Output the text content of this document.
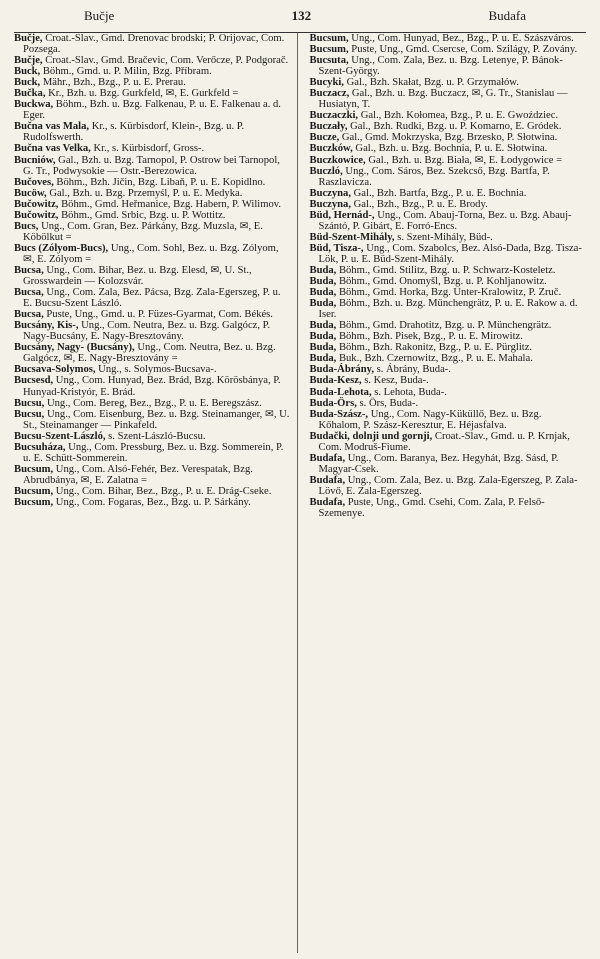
Bučje	132	Budafa

Bučje, Croat.-Slav., Gmd. Drenovac brodski; P. Orijovac, Com. Pozsega.

Bučje, Croat.-Slav., Gmd. Bračevic, Com. Verőcze, P. Podgorač.

Buck, Böhm., Gmd. u. P. Milin, Bzg. Příbram.

Buck, Mähr., Bzh., Bzg., P. u. E. Prerau.

Bučka, Kr., Bzh. u. Bzg. Gurkfeld, ✉, E. Gurkfeld =

Buckwa, Böhm., Bzh. u. Bzg. Falkenau, P. u. E. Falkenau a. d. Eger.

Bučna vas Mala, Kr., s. Kürbisdorf, Klein-, Bzg. u. P. Rudolfswerth.

Bučna vas Velka, Kr., s. Kürbisdorf, Gross-.

Bucniów, Gal., Bzh. u. Bzg. Tarnopol, P. Ostrow bei Tarnopol, G. Tr., Podwysokie — Ostr.-Berezowica.

Bučoves, Böhm., Bzh. Jičin, Bzg. Libaň, P. u. E. Kopidlno.

Bucöw, Gal., Bzh. u. Bzg. Przemyśl, P. u. E. Medyka.

Bučowitz, Böhm., Gmd. Heřmanice, Bzg. Habern, P. Wilimov.

Bučowitz, Böhm., Gmd. Srbic, Bzg. u. P. Wottitz.

Bucs, Ung., Com. Gran, Bez. Párkány, Bzg. Muzsla, ✉, E. Köbölkut =

Bucs (Zólyom-Bucs), Ung., Com. Sohl, Bez. u. Bzg. Zólyom, ✉, E. Zólyom =

Bucsa, Ung., Com. Bihar, Bez. u. Bzg. Elesd, ✉, U. St., Grosswardein — Kolozsvár.

Bucsa, Ung., Com. Zala, Bez. Pácsa, Bzg. Zala-Egerszeg, P. u. E. Bucsu-Szent László.

Bucsa, Puste, Ung., Gmd. u. P. Füzes-Gyarmat, Com. Békés.

Bucsány, Kis-, Ung., Com. Neutra, Bez. u. Bzg. Galgócz, P. Nagy-Bucsány, E. Nagy-Bresztovány.

Bucsány, Nagy- (Bucsány), Ung., Com. Neutra, Bez. u. Bzg. Galgócz, ✉, E. Nagy-Bresztovány =

Bucsava-Solymos, Ung., s. Solymos-Bucsava-.

Bucsesd, Ung., Com. Hunyad, Bez. Brád, Bzg. Körösbánya, P. Hunyad-Kristyór, E. Brád.

Bucsu, Ung., Com. Bereg, Bez., Bzg., P. u. E. Beregszász.

Bucsu, Ung., Com. Eisenburg, Bez. u. Bzg. Steinamanger, ✉, U. St., Steinamanger — Pinkafeld.

Bucsu-Szent-László, s. Szent-László-Bucsu.

Bucsuháza, Ung., Com. Pressburg, Bez. u. Bzg. Sommerein, P. u. E. Schütt-Sommerein.

Bucsum, Ung., Com. Alsó-Fehér, Bez. Verespatak, Bzg. Abrudbánya, ✉, E. Zalatna =

Bucsum, Ung., Com. Bihar, Bez., Bzg., P. u. E. Drág-Cseke.

Bucsum, Ung., Com. Fogaras, Bez., Bzg. u. P. Sárkány.

Bucsum, Ung., Com. Hunyad, Bez., Bzg., P. u. E. Szászváros.

Bucsum, Puste, Ung., Gmd. Csercse, Com. Szilágy, P. Zovány.

Bucsuta, Ung., Com. Zala, Bez. u. Bzg. Letenye, P. Bánok-Szent-György.

Bucyki, Gal., Bzh. Skałat, Bzg. u. P. Grzymałów.

Buczacz, Gal., Bzh. u. Bzg. Buczacz, ✉, G. Tr., Stanislau — Husiatyn, T.

Buczaczki, Gal., Bzh. Kołomea, Bzg., P. u. E. Gwoździec.

Buczały, Gal., Bzh. Rudki, Bzg. u. P. Komarno, E. Gródek.

Bucze, Gal., Gmd. Mokrzyska, Bzg. Brzesko, P. Słotwina.

Buczków, Gal., Bzh. u. Bzg. Bochnia, P. u. E. Słotwina.

Buczkowice, Gal., Bzh. u. Bzg. Biała, ✉, E. Łodygowice =

Buczló, Ung., Com. Sáros, Bez. Szekcső, Bzg. Bartfa, P. Raszlavicza.

Buczyna, Gal., Bzh. Bartfa, Bzg., P. u. E. Bochnia.

Buczyna, Gal., Bzh., Bzg., P. u. E. Brody.

Büd, Hernád-, Ung., Com. Abauj-Torna, Bez. u. Bzg. Abauj-Szántó, P. Gibárt, E. Forró-Encs.

Büd-Szent-Mihály, s. Szent-Mihály, Büd-.

Büd, Tisza-, Ung., Com. Szabolcs, Bez. Alsó-Dada, Bzg. Tisza-Lök, P. u. E. Büd-Szent-Mihály.

Buda, Böhm., Gmd. Stilitz, Bzg. u. P. Schwarz-Kosteletz.

Buda, Böhm., Gmd. Onomyšl, Bzg. u. P. Kohljanowitz.

Buda, Böhm., Gmd. Horka, Bzg. Unter-Kralowitz, P. Zruč.

Buda, Böhm., Bzh. u. Bzg. Münchengrätz, P. u. E. Rakow a. d. Iser.

Buda, Böhm., Gmd. Drahotitz, Bzg. u. P. Münchengrätz.

Buda, Böhm., Bzh. Pisek, Bzg., P. u. E. Mirowitz.

Buda, Böhm., Bzh. Rakonitz, Bzg., P. u. E. Pürglitz.

Buda, Buk., Bzh. Czernowitz, Bzg., P. u. E. Mahala.

Buda-Ábrány, s. Ábrány, Buda-.

Buda-Kesz, s. Kesz, Buda-.

Buda-Lehota, s. Lehota, Buda-.

Buda-Örs, s. Örs, Buda-.

Buda-Szász-, Ung., Com. Nagy-Küküllő, Bez. u. Bzg. Kőhalom, P. Szász-Keresztur, E. Héjasfalva.

Budački, dolnji und gornji, Croat.-Slav., Gmd. u. P. Krnjak, Com. Modruš-Fiume.

Budafa, Ung., Com. Baranya, Bez. Hegyhát, Bzg. Sásd, P. Magyar-Csek.

Budafa, Ung., Com. Zala, Bez. u. Bzg. Zala-Egerszeg, P. Zala-Lövő, E. Zala-Egerszeg.

Budafa, Puste, Ung., Gmd. Csehi, Com. Zala, P. Felső-Szemenye.
